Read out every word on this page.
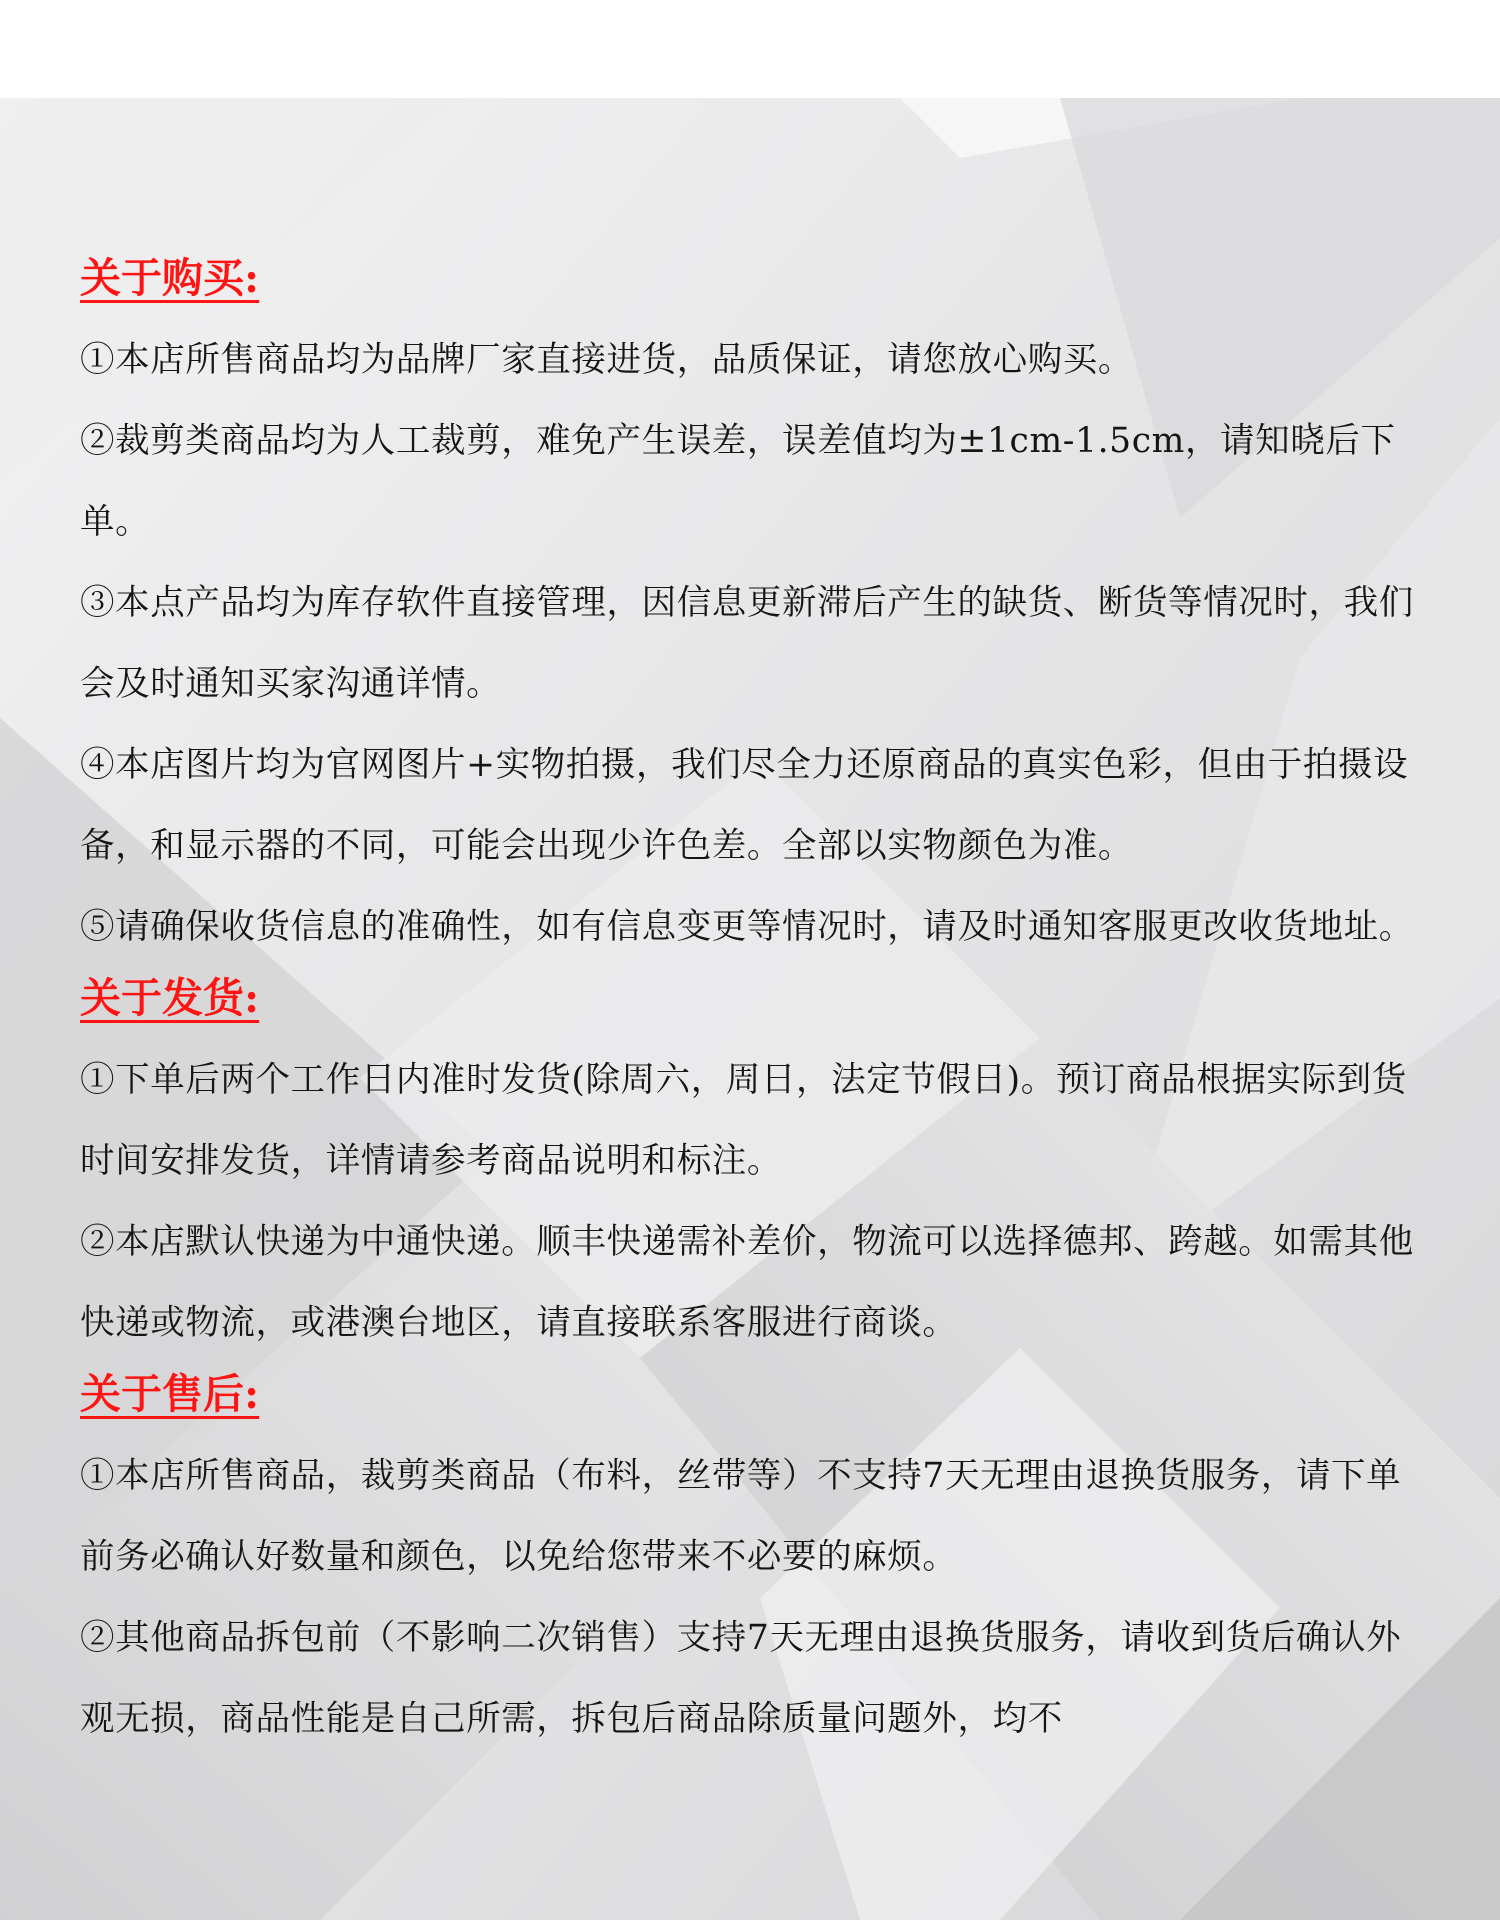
关于购买:

①本店所售商品均为品牌厂家直接进货，品质保证，请您放心购买。

②裁剪类商品均为人工裁剪，难免产生误差，误差值均为±1cm-1.5cm，请知晓后下单。

③本点产品均为库存软件直接管理，因信息更新滞后产生的缺货、断货等情况时，我们会及时通知买家沟通详情。

④本店图片均为官网图片+实物拍摄，我们尽全力还原商品的真实色彩，但由于拍摄设备，和显示器的不同，可能会出现少许色差。全部以实物颜色为准。

⑤请确保收货信息的准确性，如有信息变更等情况时，请及时通知客服更改收货地址。

关于发货:

①下单后两个工作日内准时发货(除周六，周日，法定节假日)。预订商品根据实际到货时间安排发货，详情请参考商品说明和标注。

②本店默认快递为中通快递。顺丰快递需补差价，物流可以选择德邦、跨越。如需其他快递或物流，或港澳台地区，请直接联系客服进行商谈。

关于售后:

①本店所售商品，裁剪类商品（布料，丝带等）不支持7天无理由退换货服务，请下单前务必确认好数量和颜色，以免给您带来不必要的麻烦。

②其他商品拆包前（不影响二次销售）支持7天无理由退换货服务，请收到货后确认外观无损，商品性能是自己所需，拆包后商品除质量问题外，均不
